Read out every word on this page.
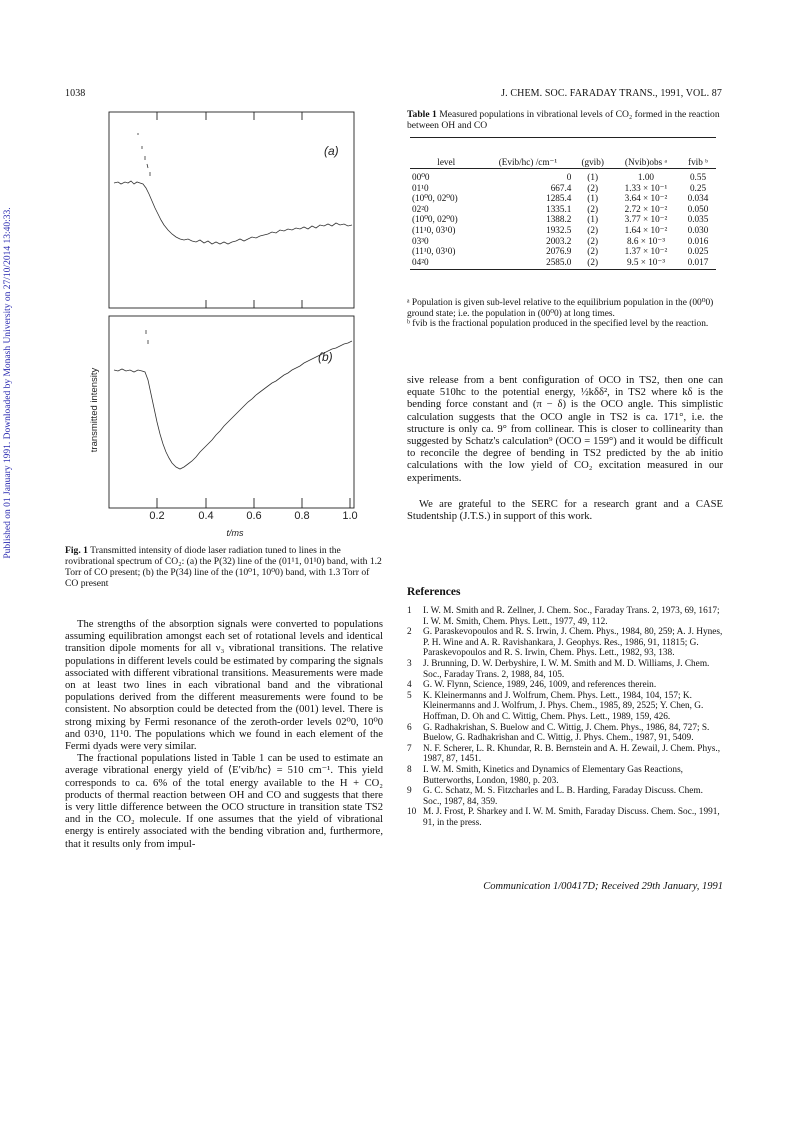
Published on 01 January 1991. Downloaded by Monash University on 27/10/2014 13:40:33.
1038	J. CHEM. SOC. FARADAY TRANS., 1991, VOL. 87
(a)
(b)
0.2	0.4	0.6	0.8	1.0
t/ms
transmitted intensity
Fig. 1 Transmitted intensity of diode laser radiation tuned to lines in the rovibrational spectrum of CO₂: (a) the P(32) line of the (01¹1, 01¹0) band, with 1.2 Torr of CO present; (b) the P(34) line of the (10⁰1, 10⁰0) band, with 1.3 Torr of CO present

The strengths of the absorption signals were converted to populations assuming equilibration amongst each set of rotational levels and identical transition dipole moments for all ν₃ vibrational transitions. The relative populations in different levels could be estimated by comparing the signals associated with different vibrational transitions. Measurements were made on at least two lines in each vibrational band and the vibrational populations derived from the different measurements were found to be consistent. No absorption could be detected from the (001) level. There is strong mixing by Fermi resonance of the zeroth-order levels 02⁰0, 10⁰0 and 03¹0, 11¹0. The populations which we found in each element of the Fermi dyads were very similar.

The fractional populations listed in Table 1 can be used to estimate an average vibrational energy yield of ⟨E′vib/hc⟩ = 510 cm⁻¹. This yield corresponds to ca. 6% of the total energy available to the H + CO₂ products of thermal reaction between OH and CO and suggests that there is very little difference between the OCO structure in transition state TS2 and in the CO₂ molecule. If one assumes that the yield of vibrational energy is entirely associated with the bending vibration and, furthermore, that it results only from impul-

Table 1 Measured populations in vibrational levels of CO₂ formed in the reaction between OH and CO
level	(Evib/hc) /cm⁻¹	(gvib)	(Nvib)obs ᵃ	fvib ᵇ
00⁰0	0	(1)	1.00	0.55
01¹0	667.4	(2)	1.33 × 10⁻¹	0.25
(10⁰0, 02⁰0)	1285.4	(1)	3.64 × 10⁻²	0.034
02²0	1335.1	(2)	2.72 × 10⁻²	0.050
(10⁰0, 02⁰0)	1388.2	(1)	3.77 × 10⁻²	0.035
(11¹0, 03¹0)	1932.5	(2)	1.64 × 10⁻²	0.030
03³0	2003.2	(2)	8.6 × 10⁻³	0.016
(11¹0, 03¹0)	2076.9	(2)	1.37 × 10⁻²	0.025
04²0	2585.0	(2)	9.5 × 10⁻³	0.017
ᵃ Population is given sub-level relative to the equilibrium population in the (00⁰0) ground state; i.e. the population in (00⁰0) at long times.
ᵇ fvib is the fractional population produced in the specified level by the reaction.

sive release from a bent configuration of OCO in TS2, then one can equate 510hc to the potential energy, ½kδδ², in TS2 where kδ is the bending force constant and (π − δ) is the OCO angle. This simplistic calculation suggests that the OCO angle in TS2 is ca. 171°, i.e. the structure is only ca. 9° from collinear. This is closer to collinearity than suggested by Schatz's calculation⁹ (OCO = 159°) and it would be difficult to reconcile the degree of bending in TS2 predicted by the ab initio calculations with the low yield of CO₂ excitation measured in our experiments.

We are grateful to the SERC for a research grant and a CASE Studentship (J.T.S.) in support of this work.

References
1	I. W. M. Smith and R. Zellner, J. Chem. Soc., Faraday Trans. 2, 1973, 69, 1617; I. W. M. Smith, Chem. Phys. Lett., 1977, 49, 112.
2	G. Paraskevopoulos and R. S. Irwin, J. Chem. Phys., 1984, 80, 259; A. J. Hynes, P. H. Wine and A. R. Ravishankara, J. Geophys. Res., 1986, 91, 11815; G. Paraskevopoulos and R. S. Irwin, Chem. Phys. Lett., 1982, 93, 138.
3	J. Brunning, D. W. Derbyshire, I. W. M. Smith and M. D. Williams, J. Chem. Soc., Faraday Trans. 2, 1988, 84, 105.
4	G. W. Flynn, Science, 1989, 246, 1009, and references therein.
5	K. Kleinermanns and J. Wolfrum, Chem. Phys. Lett., 1984, 104, 157; K. Kleinermanns and J. Wolfrum, J. Phys. Chem., 1985, 89, 2525; Y. Chen, G. Hoffman, D. Oh and C. Wittig, Chem. Phys. Lett., 1989, 159, 426.
6	G. Radhakrishan, S. Buelow and C. Wittig, J. Chem. Phys., 1986, 84, 727; S. Buelow, G. Radhakrishan and C. Wittig, J. Phys. Chem., 1987, 91, 5409.
7	N. F. Scherer, L. R. Khundar, R. B. Bernstein and A. H. Zewail, J. Chem. Phys., 1987, 87, 1451.
8	I. W. M. Smith, Kinetics and Dynamics of Elementary Gas Reactions, Butterworths, London, 1980, p. 203.
9	G. C. Schatz, M. S. Fitzcharles and L. B. Harding, Faraday Discuss. Chem. Soc., 1987, 84, 359.
10 M. J. Frost, P. Sharkey and I. W. M. Smith, Faraday Discuss. Chem. Soc., 1991, 91, in the press.
Communication 1/00417D; Received 29th January, 1991
